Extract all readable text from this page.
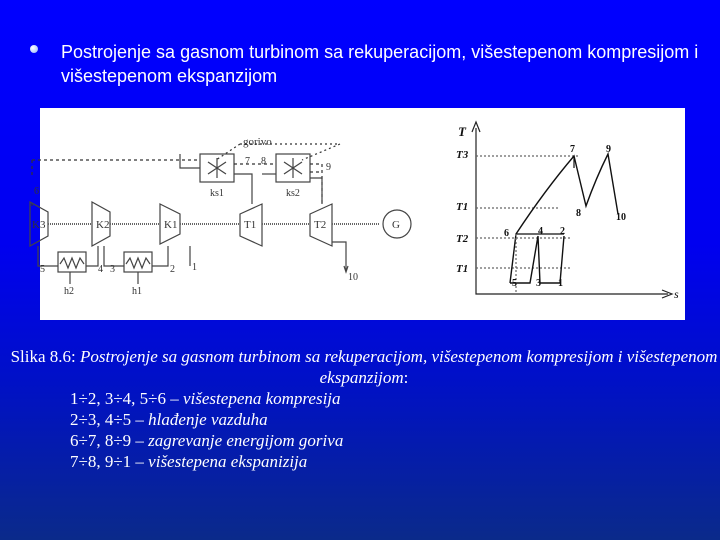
Postrojenje sa gasnom turbinom sa rekuperacijom, višestepenom kompresijom i višestepenom ekspanzijom
gorivo
ks1	ks2
G
K3	K2	K1	T1	T2
h2	h1
6
7 8
9
5	4 3	2 1
10
T
s
T3
T1
T2
T1
7	9
8	10
6	4 2
5 3 1
Slika 8.6: Postrojenje sa gasnom turbinom sa rekuperacijom, višestepenom kompresijom i višestepenom ekspanzijom:
1÷2, 3÷4, 5÷6 – višestepena kompresija
2÷3, 4÷5 – hlađenje vazduha
6÷7, 8÷9 – zagrevanje energijom goriva
7÷8, 9÷1 – višestepena ekspanizija
